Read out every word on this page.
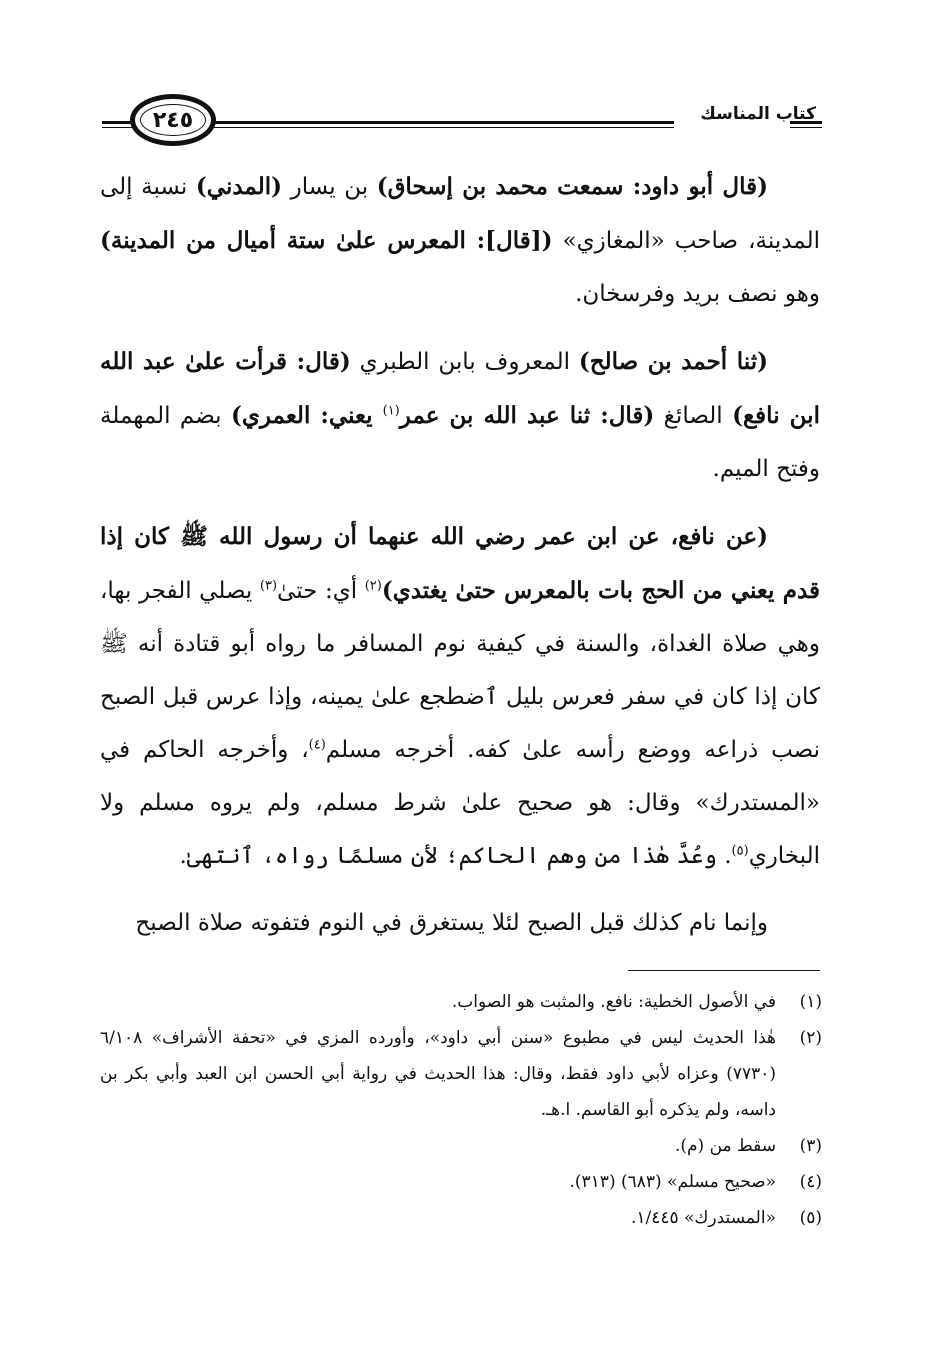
كتاب المناسك
٢٤٥

(قال أبو داود: سمعت محمد بن إسحاق) بن يسار (المدني) نسبة إلى المدينة، صاحب «المغازي» ([قال]: المعرس علىٰ ستة أميال من المدينة) وهو نصف بريد وفرسخان.

(ثنا أحمد بن صالح) المعروف بابن الطبري (قال: قرأت علىٰ عبد الله ابن نافع) الصائغ (قال: ثنا عبد الله بن عمر$^{(١)}$ يعني: العمري) بضم المهملة وفتح الميم.

(عن نافع، عن ابن عمر رضي الله عنهما أن رسول الله ﷺ كان إذا قدم يعني من الحج بات بالمعرس حتىٰ يغتدي)$^{(٢)}$ أي: حتىٰ$^{(٣)}$ يصلي الفجر بها، وهي صلاة الغداة، والسنة في كيفية نوم المسافر ما رواه أبو قتادة أنه ﷺ كان إذا كان في سفر فعرس بليل ٱضطجع علىٰ يمينه، وإذا عرس قبل الصبح نصب ذراعه ووضع رأسه علىٰ كفه. أخرجه مسلم$^{(٤)}$، وأخرجه الحاكم في «المستدرك» وقال: هو صحيح علىٰ شرط مسلم، ولم يروه مسلم ولا البخاري$^{(٥)}$. وعُدَّ هٰذا من وهم الحاكم؛ لأن مسلمًا رواه، ٱنتهىٰ.

وإنما نام كذلك قبل الصبح لئلا يستغرق في النوم فتفوته صلاة الصبح

(١)
في الأصول الخطية: نافع. والمثبت هو الصواب.
(٢)
هٰذا الحديث ليس في مطبوع «سنن أبي داود»، وأورده المزي في «تحفة الأشراف» ٦/١٠٨ (٧٧٣٠) وعزاه لأبي داود فقط، وقال: هذا الحديث في رواية أبي الحسن ابن العبد وأبي بكر بن داسه، ولم يذكره أبو القاسم. ا.هـ.
(٣)
سقط من (م).
(٤)
«صحيح مسلم» (٦٨٣) (٣١٣).
(٥)
«المستدرك» ١/٤٤٥.
